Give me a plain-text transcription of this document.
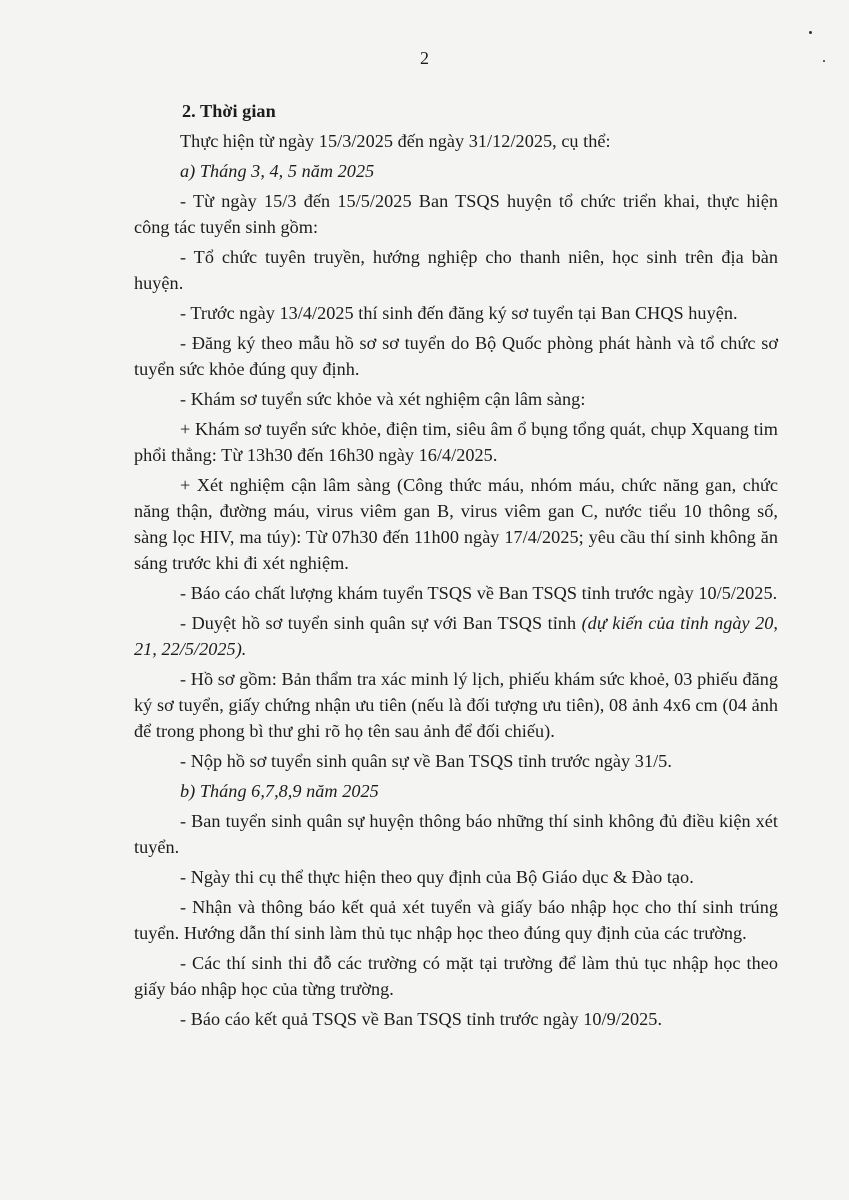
2

2. Thời gian

Thực hiện từ ngày 15/3/2025 đến ngày 31/12/2025, cụ thể:

a) Tháng 3, 4, 5 năm 2025

- Từ ngày 15/3 đến 15/5/2025 Ban TSQS huyện tổ chức triển khai, thực hiện công tác tuyển sinh gồm:

- Tổ chức tuyên truyền, hướng nghiệp cho thanh niên, học sinh trên địa bàn huyện.

- Trước ngày 13/4/2025 thí sinh đến đăng ký sơ tuyển tại Ban CHQS huyện.

- Đăng ký theo mẫu hồ sơ sơ tuyển do Bộ Quốc phòng phát hành và tổ chức sơ tuyển sức khỏe đúng quy định.

- Khám sơ tuyển sức khỏe và xét nghiệm cận lâm sàng:

+ Khám sơ tuyển sức khỏe, điện tim, siêu âm ổ bụng tổng quát, chụp Xquang tim phổi thẳng: Từ 13h30 đến 16h30 ngày 16/4/2025.

+ Xét nghiệm cận lâm sàng (Công thức máu, nhóm máu, chức năng gan, chức năng thận, đường máu, virus viêm gan B, virus viêm gan C, nước tiểu 10 thông số, sàng lọc HIV, ma túy): Từ 07h30 đến 11h00 ngày 17/4/2025; yêu cầu thí sinh không ăn sáng trước khi đi xét nghiệm.

- Báo cáo chất lượng khám tuyển TSQS về Ban TSQS tỉnh trước ngày 10/5/2025.

- Duyệt hồ sơ tuyển sinh quân sự với Ban TSQS tỉnh (dự kiến của tỉnh ngày 20, 21, 22/5/2025).

- Hồ sơ gồm: Bản thẩm tra xác minh lý lịch, phiếu khám sức khoẻ, 03 phiếu đăng ký sơ tuyển, giấy chứng nhận ưu tiên (nếu là đối tượng ưu tiên), 08 ảnh 4x6 cm (04 ảnh để trong phong bì thư ghi rõ họ tên sau ảnh để đối chiếu).

- Nộp hồ sơ tuyển sinh quân sự về Ban TSQS tỉnh trước ngày 31/5.

b) Tháng 6,7,8,9 năm 2025

- Ban tuyển sinh quân sự huyện thông báo những thí sinh không đủ điều kiện xét tuyển.

- Ngày thi cụ thể thực hiện theo quy định của Bộ Giáo dục & Đào tạo.

- Nhận và thông báo kết quả xét tuyển và giấy báo nhập học cho thí sinh trúng tuyển. Hướng dẫn thí sinh làm thủ tục nhập học theo đúng quy định của các trường.

- Các thí sinh thi đỗ các trường có mặt tại trường để làm thủ tục nhập học theo giấy báo nhập học của từng trường.

- Báo cáo kết quả TSQS về Ban TSQS tỉnh trước ngày 10/9/2025.
